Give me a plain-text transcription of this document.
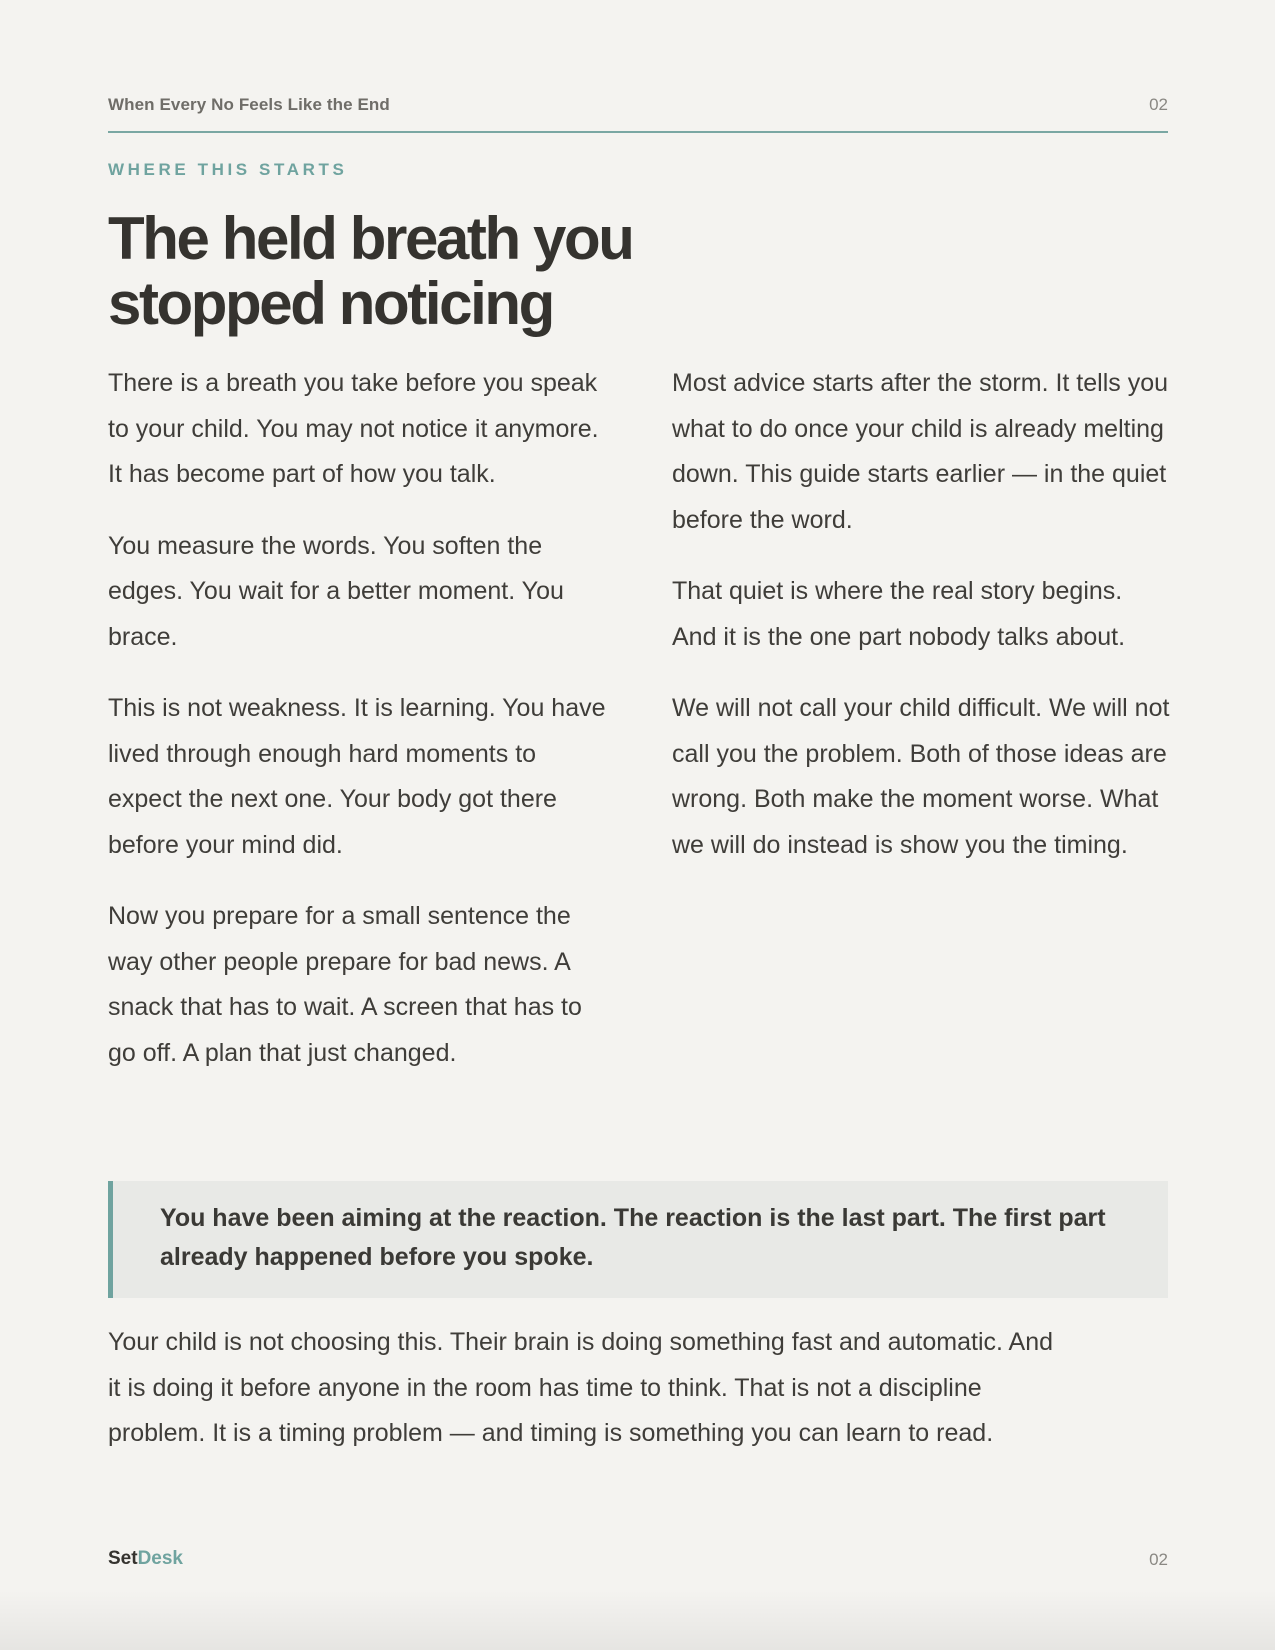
When Every No Feels Like the End	02
WHERE THIS STARTS
The held breath you stopped noticing

There is a breath you take before you speak to your child. You may not notice it anymore. It has become part of how you talk.

You measure the words. You soften the edges. You wait for a better moment. You brace.

This is not weakness. It is learning. You have lived through enough hard moments to expect the next one. Your body got there before your mind did.

Now you prepare for a small sentence the way other people prepare for bad news. A snack that has to wait. A screen that has to go off. A plan that just changed.

Most advice starts after the storm. It tells you what to do once your child is already melting down. This guide starts earlier — in the quiet before the word.

That quiet is where the real story begins. And it is the one part nobody talks about.

We will not call your child difficult. We will not call you the problem. Both of those ideas are wrong. Both make the moment worse. What we will do instead is show you the timing.

You have been aiming at the reaction. The reaction is the last part. The first part already happened before you spoke.

Your child is not choosing this. Their brain is doing something fast and automatic. And it is doing it before anyone in the room has time to think. That is not a discipline problem. It is a timing problem — and timing is something you can learn to read.

SetDesk	02
